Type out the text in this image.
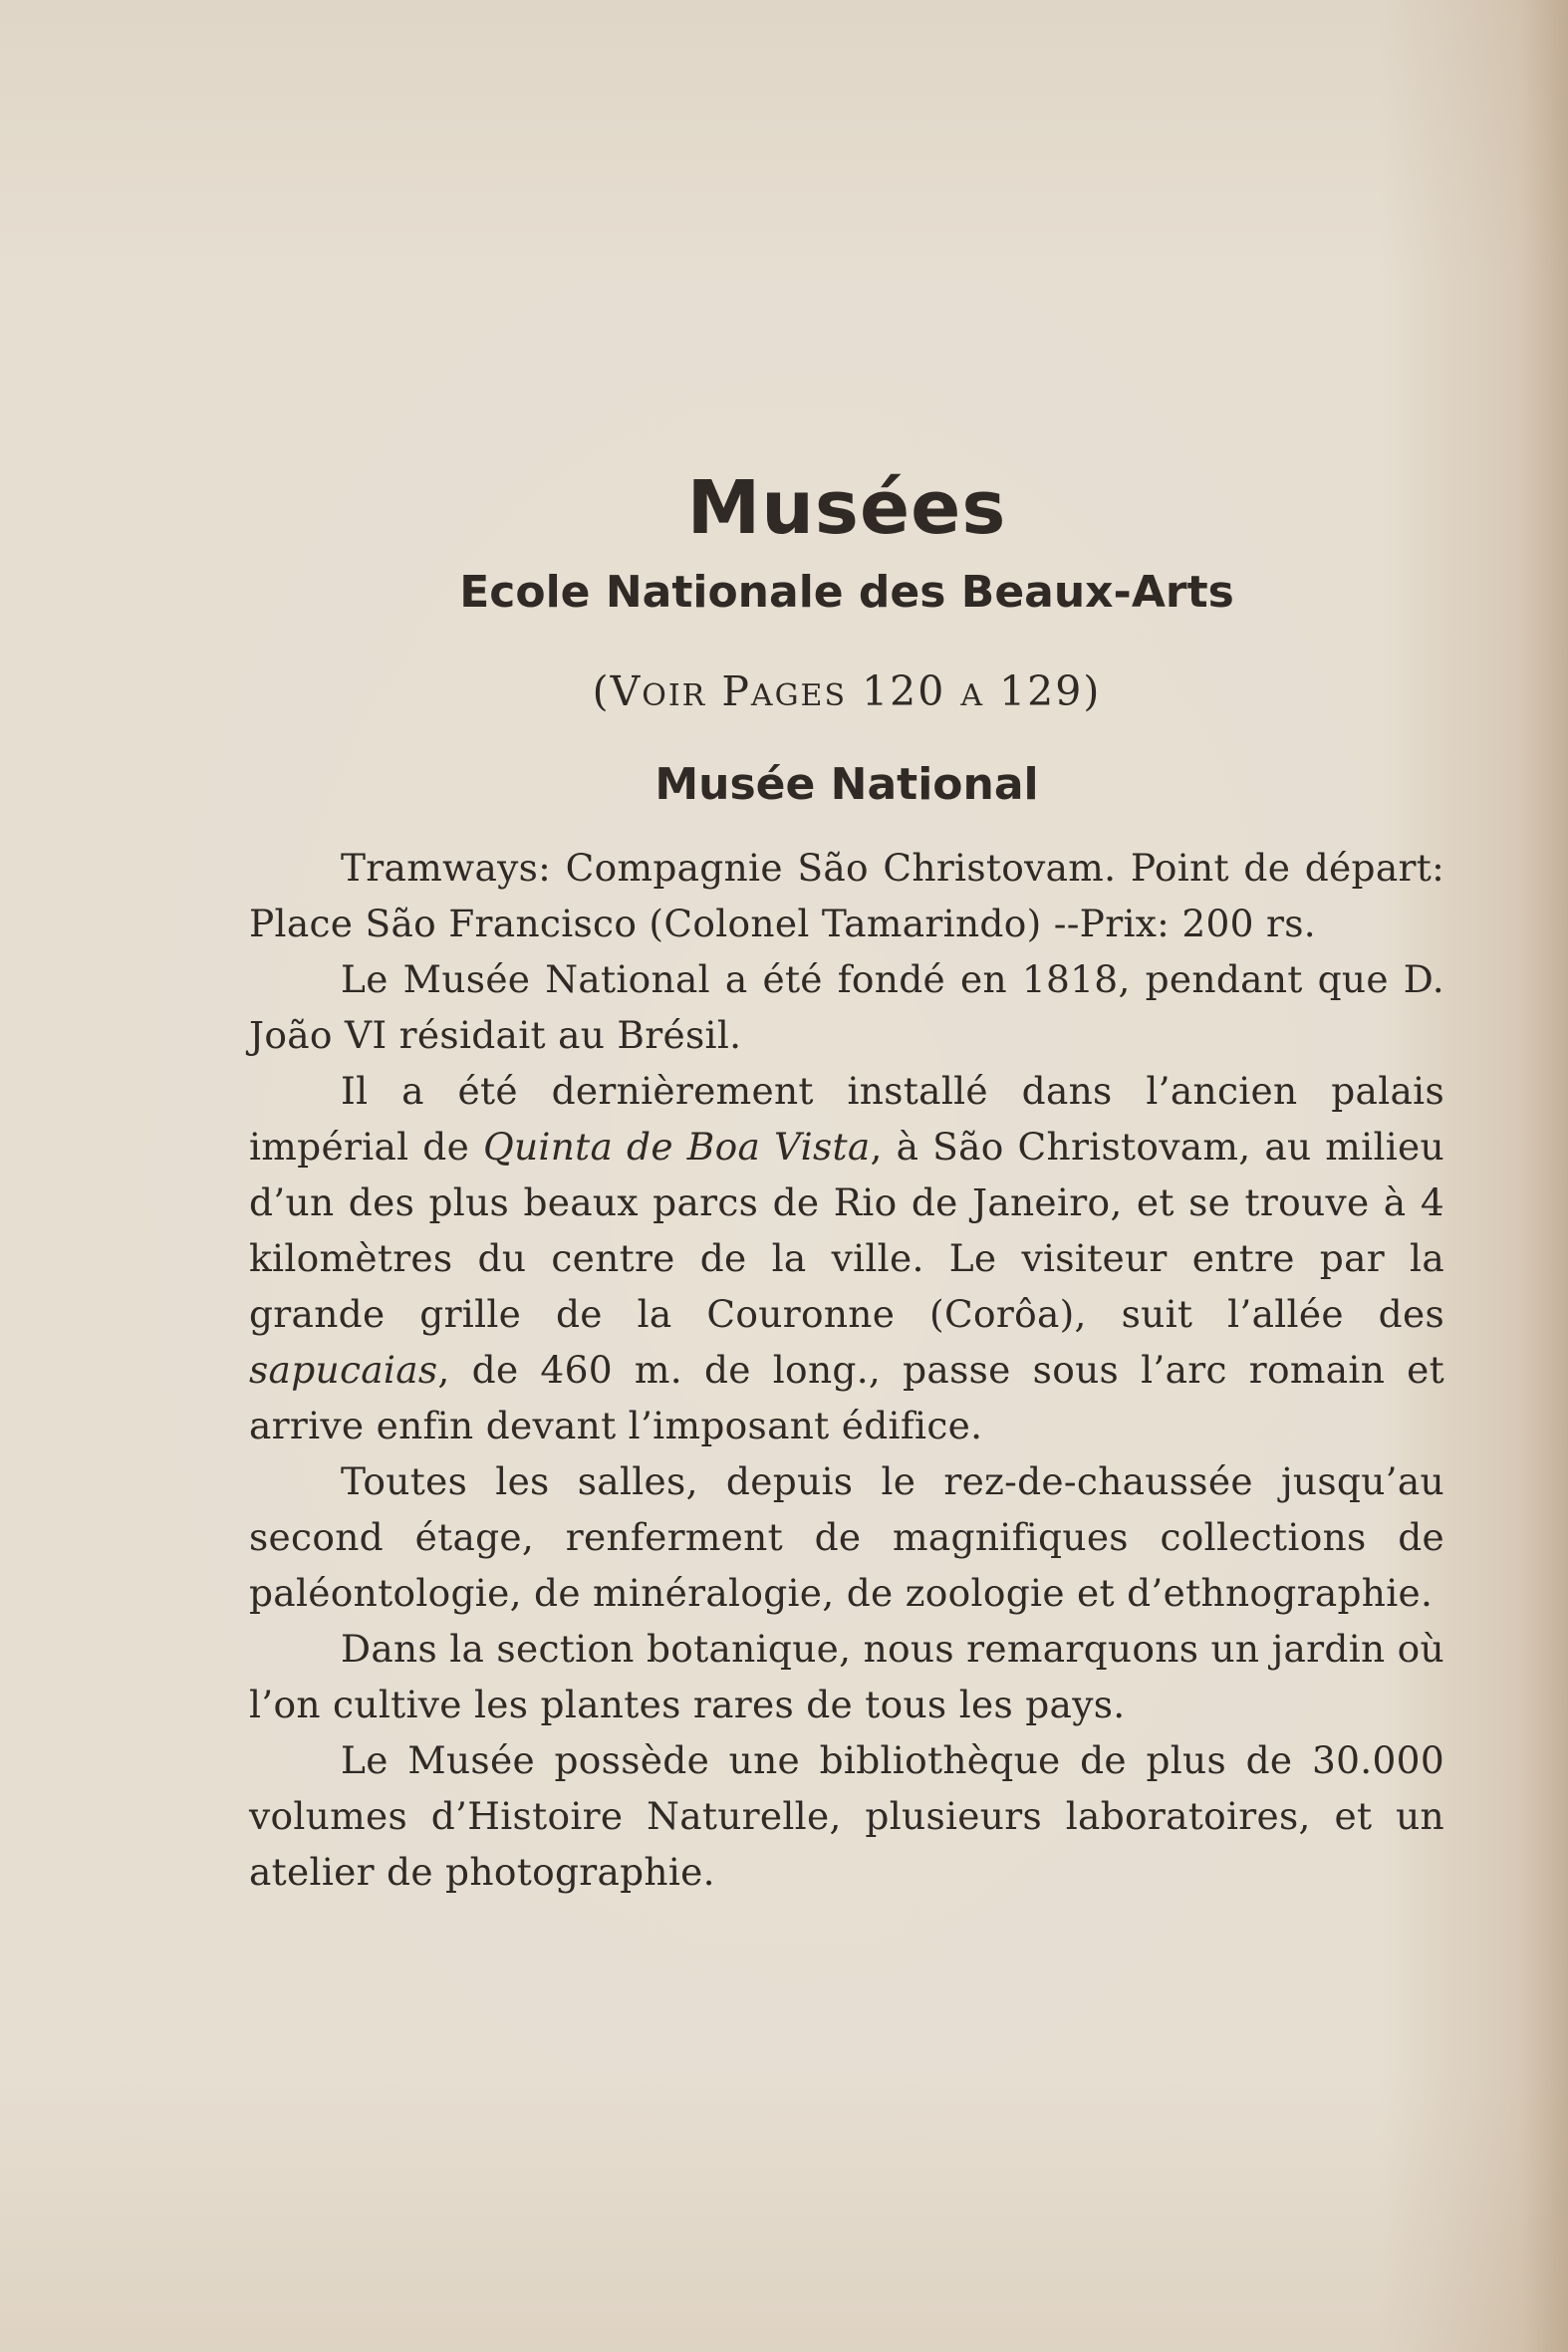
Musées
Ecole Nationale des Beaux-Arts
(VOIR PAGES 120 A 129)
Musée National

Tramways: Compagnie São Christovam. Point de départ: Place São Francisco (Colonel Tamarindo) --Prix: 200 rs.

Le Musée National a été fondé en 1818, pendant que D. João VI résidait au Brésil.

Il a été dernièrement installé dans l’ancien palais impérial de Quinta de Boa Vista, à São Christovam, au milieu d’un des plus beaux parcs de Rio de Janeiro, et se trouve à 4 kilomètres du centre de la ville. Le visiteur entre par la grande grille de la Couronne (Corôa), suit l’allée des sapucaias, de 460 m. de long., passe sous l’arc romain et arrive enfin devant l’imposant édifice.

Toutes les salles, depuis le rez-de-chaussée jusqu’au second étage, renferment de magnifiques collections de paléontologie, de minéralogie, de zoologie et d’ethnographie.

Dans la section botanique, nous remarquons un jardin où l’on cultive les plantes rares de tous les pays.

Le Musée possède une bibliothèque de plus de 30.000 volumes d’Histoire Naturelle, plusieurs laboratoires, et un atelier de photographie.
